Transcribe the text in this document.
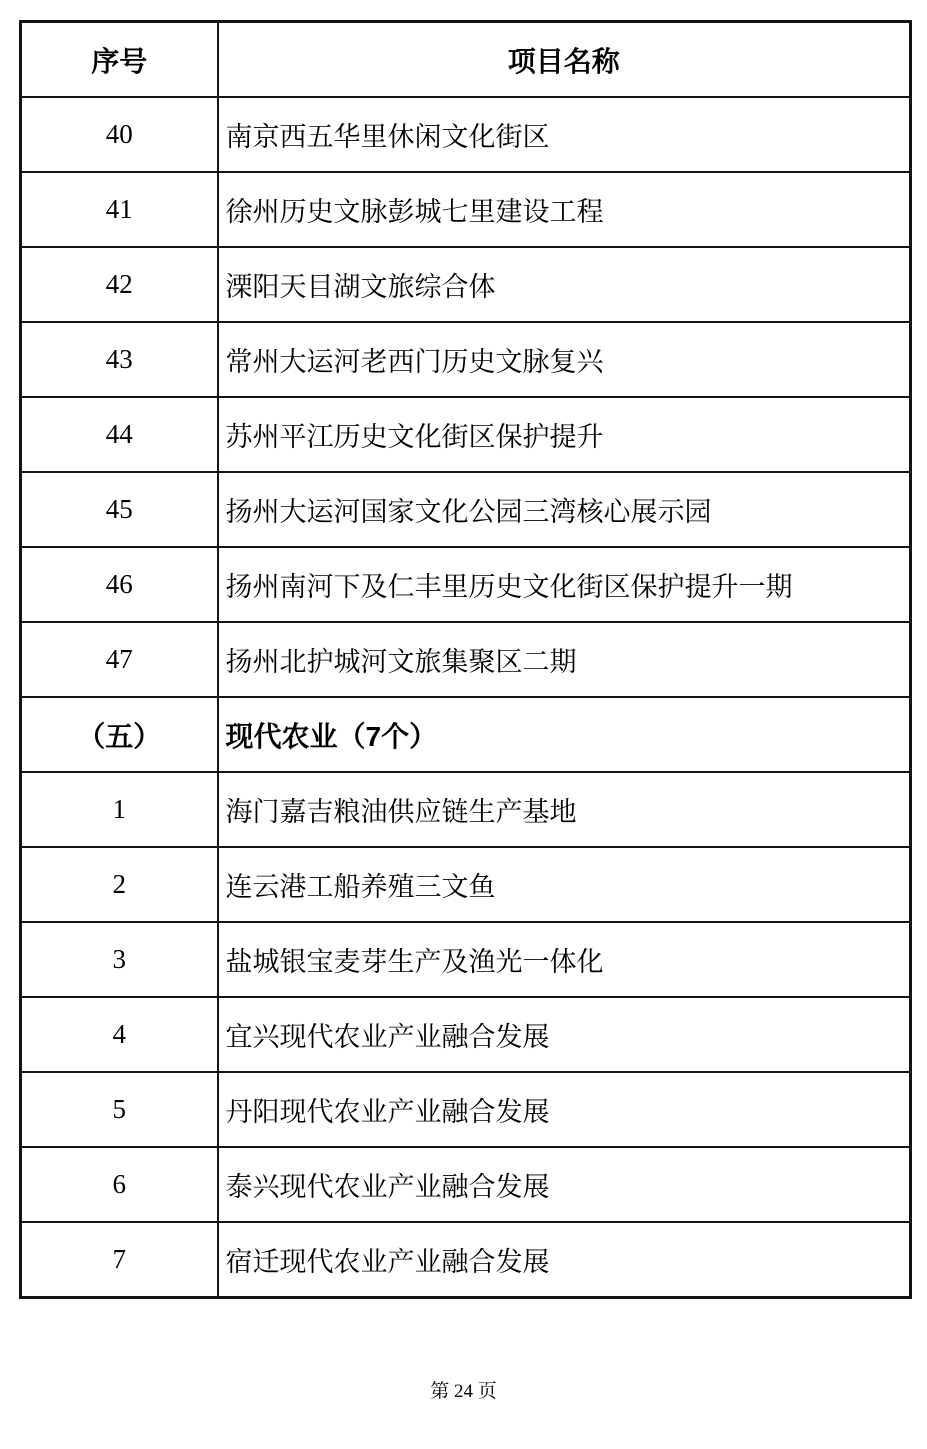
序号	项目名称
40	南京西五华里休闲文化街区
41	徐州历史文脉彭城七里建设工程
42	溧阳天目湖文旅综合体
43	常州大运河老西门历史文脉复兴
44	苏州平江历史文化街区保护提升
45	扬州大运河国家文化公园三湾核心展示园
46	扬州南河下及仁丰里历史文化街区保护提升一期
47	扬州北护城河文旅集聚区二期
（五）	现代农业（7个）
1	海门嘉吉粮油供应链生产基地
2	连云港工船养殖三文鱼
3	盐城银宝麦芽生产及渔光一体化
4	宜兴现代农业产业融合发展
5	丹阳现代农业产业融合发展
6	泰兴现代农业产业融合发展
7	宿迁现代农业产业融合发展
第 24 页
